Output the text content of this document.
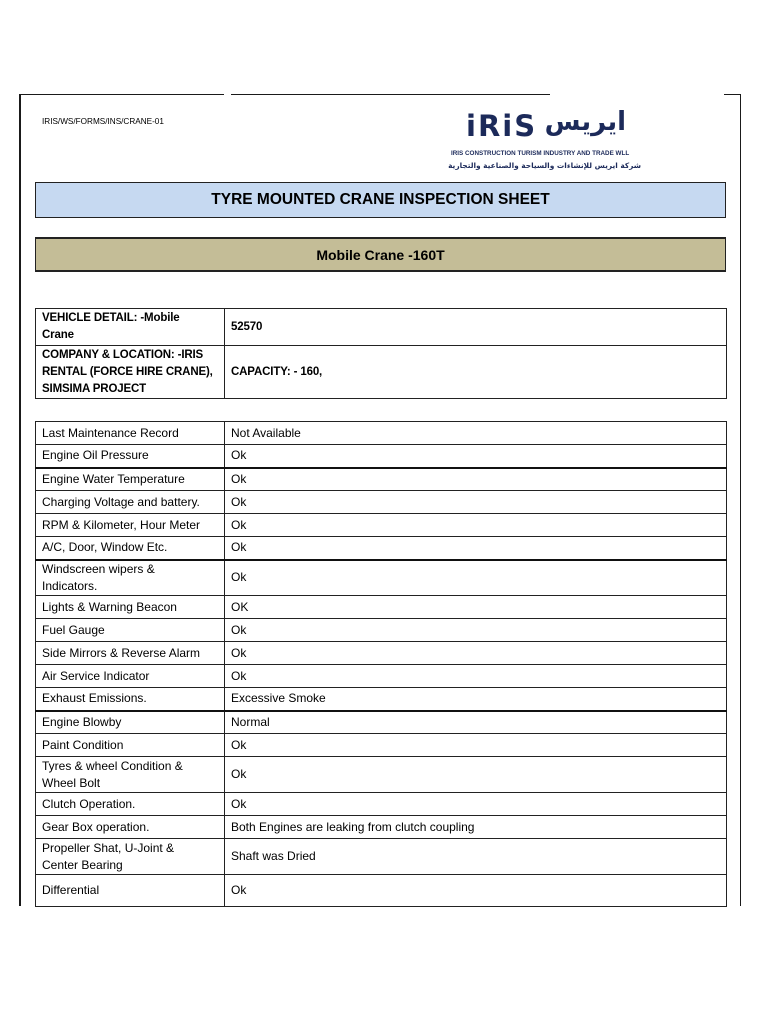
IRIS/WS/FORMS/INS/CRANE-01	iRiS ايريس
IRIS CONSTRUCTION TURISM INDUSTRY AND TRADE WLL
شركة ايريس للإنشاءات والسياحة والصناعية والتجارية
TYRE MOUNTED CRANE INSPECTION SHEET
Mobile Crane -160T
VEHICLE DETAIL: -Mobile Crane	52570
COMPANY & LOCATION: -IRIS RENTAL (FORCE HIRE CRANE), SIMSIMA PROJECT	CAPACITY: - 160,
Last Maintenance Record	Not Available
Engine Oil Pressure	Ok
Engine Water Temperature	Ok
Charging Voltage and battery.	Ok
RPM & Kilometer, Hour Meter	Ok
A/C, Door, Window Etc.	Ok
Windscreen wipers & Indicators.	Ok
Lights & Warning Beacon	OK
Fuel Gauge	Ok
Side Mirrors & Reverse Alarm	Ok
Air Service Indicator	Ok
Exhaust Emissions.	Excessive Smoke
Engine Blowby	Normal
Paint Condition	Ok
Tyres & wheel Condition & Wheel Bolt	Ok
Clutch Operation.	Ok
Gear Box operation.	Both Engines are leaking from clutch coupling
Propeller Shat, U-Joint & Center Bearing	Shaft was Dried
Differential	Ok
